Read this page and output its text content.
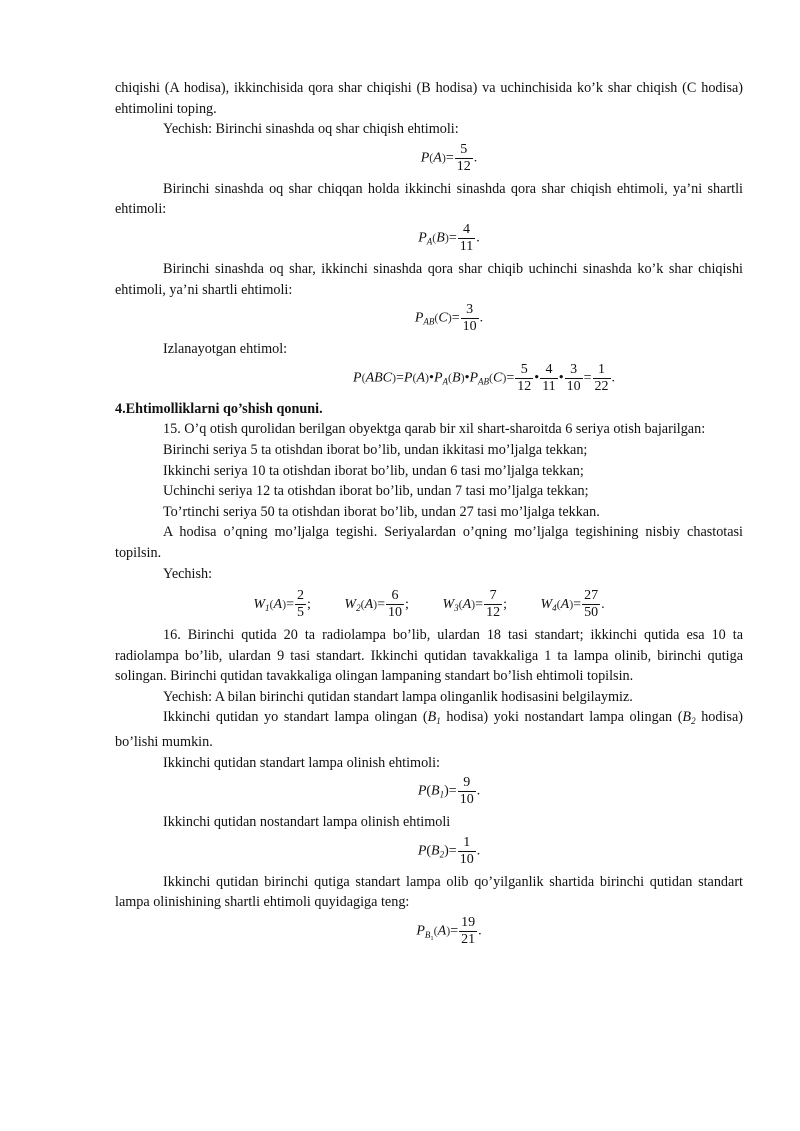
chiqishi (A hodisa), ikkinchisida qora shar chiqishi (B hodisa) va uchinchisida ko’k shar chiqish (C hodisa) ehtimolini toping.

Yechish: Birinchi sinashda oq shar chiqish ehtimoli:

$P(A)= \frac{5}{12}$ .

Birinchi sinashda oq shar chiqqan holda ikkinchi sinashda qora shar chiqish ehtimoli, ya’ni shartli ehtimoli:

$P_A(B)= \frac{4}{11}$ .

Birinchi sinashda oq shar, ikkinchi sinashda qora shar chiqib uchinchi sinashda ko’k shar chiqishi ehtimoli, ya’ni shartli ehtimoli:

$P_{AB}(C)= \frac{3}{10}$ .

Izlanayotgan ehtimol:

$P(ABC)=P(A)•P_A(B)•P_{AB}(C)= \frac{5}{12}$ • $\frac{4}{11}$ • $\frac{3}{10} = \frac{1}{22}$ .

4.Ehtimolliklarni qo’shish qonuni.

15. O’q otish qurolidan berilgan obyektga qarab bir xil shart-sharoitda 6 seriya otish bajarilgan:

Birinchi seriya 5 ta otishdan iborat bo’lib, undan ikkitasi mo’ljalga tekkan;

Ikkinchi seriya 10 ta otishdan iborat bo’lib, undan 6 tasi mo’ljalga tekkan;

Uchinchi seriya 12 ta otishdan iborat bo’lib, undan 7 tasi mo’ljalga tekkan;

To’rtinchi seriya 50 ta otishdan iborat bo’lib, undan 27 tasi mo’ljalga tekkan.

A hodisa o’qning mo’ljalga tegishi. Seriyalardan o’qning mo’ljalga tegishining nisbiy chastotasi topilsin.

Yechish:

$W_1(A)= \frac{2}{5}$ ; $W_2(A)= \frac{6}{10}$ ; $W_3(A)= \frac{7}{12}$ ; $W_4(A)= \frac{27}{50}$ .

16. Birinchi qutida 20 ta radiolampa bo’lib, ulardan 18 tasi standart; ikkinchi qutida esa 10 ta radiolampa bo’lib, ulardan 9 tasi standart. Ikkinchi qutidan tavakkaliga 1 ta lampa olinib, birinchi qutiga solingan. Birinchi qutidan tavakkaliga olingan lampaning standart bo’lish ehtimoli topilsin.

Yechish: A bilan birinchi qutidan standart lampa olinganlik hodisasini belgilaymiz.

Ikkinchi qutidan yo standart lampa olingan ($B_1$ hodisa) yoki nostandart lampa olingan ($B_2$ hodisa) bo’lishi mumkin.

Ikkinchi qutidan standart lampa olinish ehtimoli:

$P(B_1)= \frac{9}{10}$ .

Ikkinchi qutidan nostandart lampa olinish ehtimoli

$P(B_2)= \frac{1}{10}$ .

Ikkinchi qutidan birinchi qutiga standart lampa olib qo’yilganlik shartida birinchi qutidan standart lampa olinishining shartli ehtimoli quyidagiga teng:

$P_{B_1}(A)= \frac{19}{21}$ .
